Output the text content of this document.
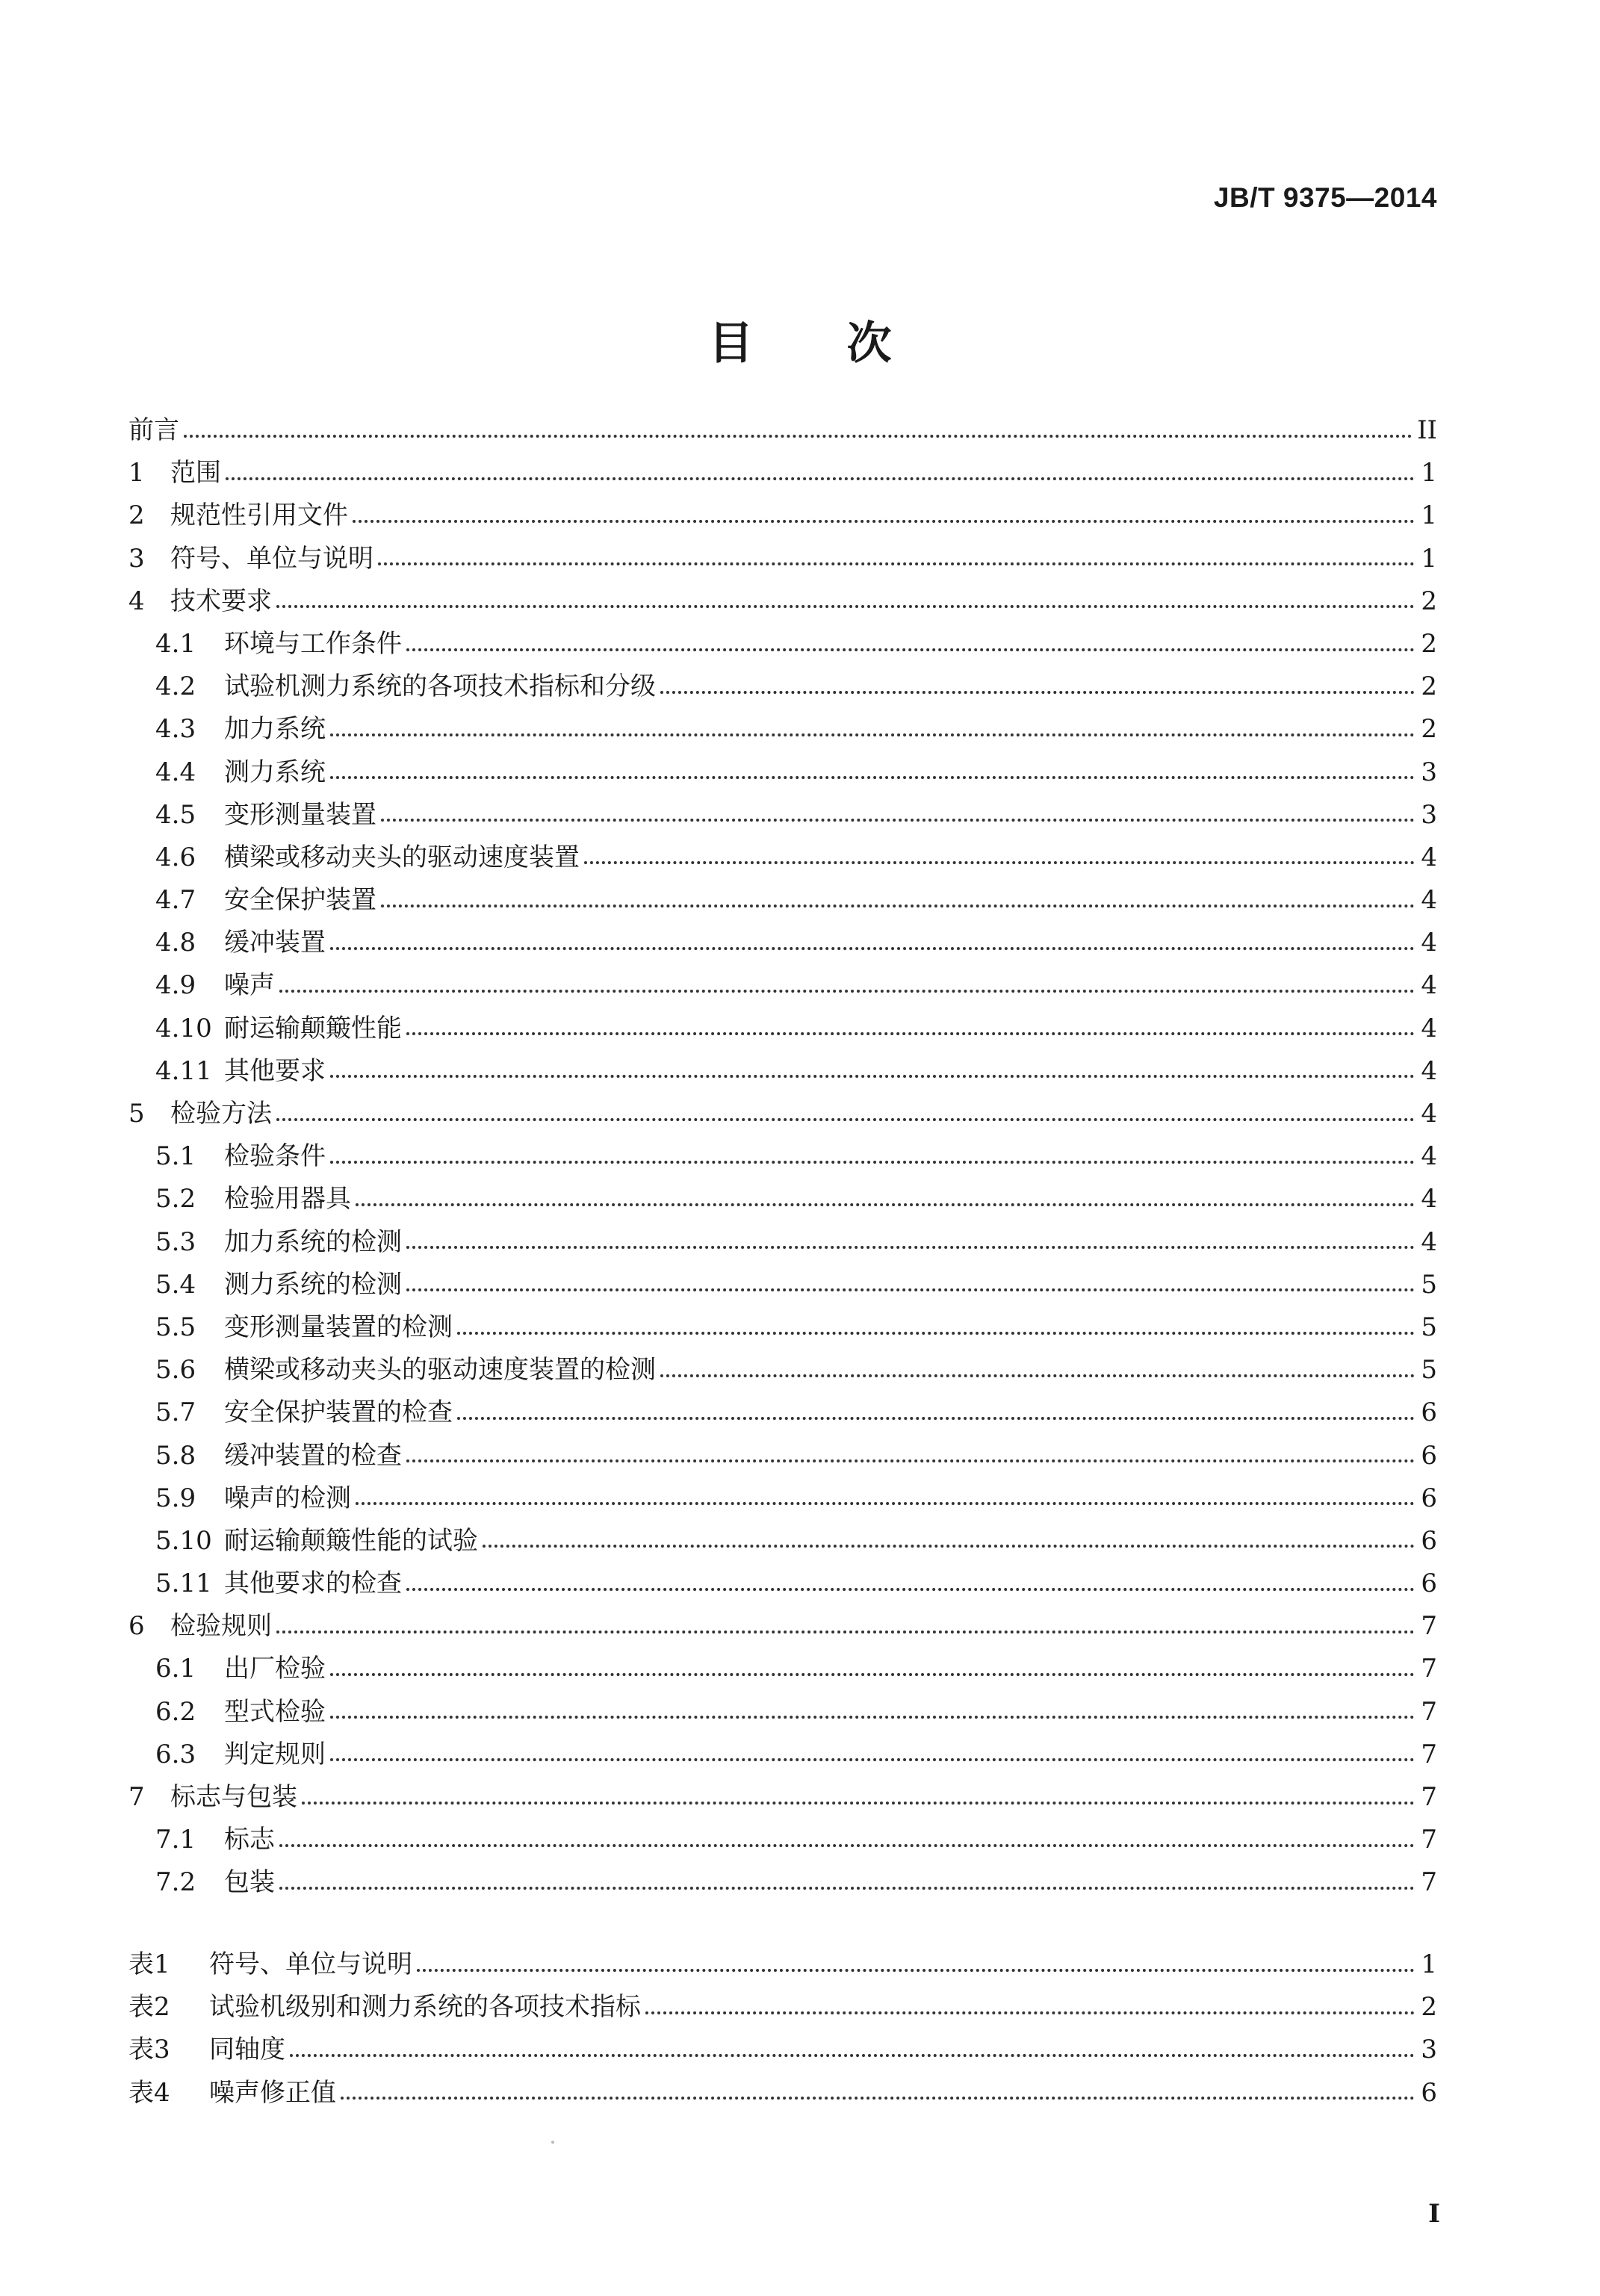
JB/T 9375—2014
目次
前言	II
1	范围	1
2	规范性引用文件	1
3	符号、单位与说明	1
4	技术要求	2
4.1	环境与工作条件	2
4.2	试验机测力系统的各项技术指标和分级	2
4.3	加力系统	2
4.4	测力系统	3
4.5	变形测量装置	3
4.6	横梁或移动夹头的驱动速度装置	4
4.7	安全保护装置	4
4.8	缓冲装置	4
4.9	噪声	4
4.10 耐运输颠簸性能	4
4.11 其他要求	4
5	检验方法	4
5.1	检验条件	4
5.2	检验用器具	4
5.3	加力系统的检测	4
5.4	测力系统的检测	5
5.5	变形测量装置的检测	5
5.6	横梁或移动夹头的驱动速度装置的检测	5
5.7	安全保护装置的检查	6
5.8	缓冲装置的检查	6
5.9	噪声的检测	6
5.10 耐运输颠簸性能的试验	6
5.11 其他要求的检查	6
6	检验规则	7
6.1	出厂检验	7
6.2	型式检验	7
6.3	判定规则	7
7	标志与包装	7
7.1	标志	7
7.2	包装	7
表1	符号、单位与说明	1
表2	试验机级别和测力系统的各项技术指标	2
表3	同轴度	3
表4	噪声修正值	6
I
